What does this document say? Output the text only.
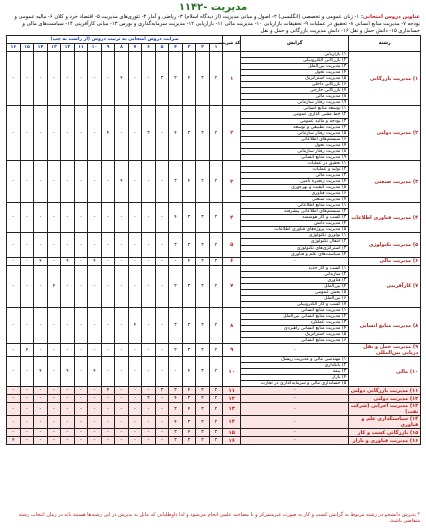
۱۱۴۲- مدیریت
عناوین دروس امتحانی: ۱- زبان عمومی و تخصصی (انگلیسی) ۲- اصول و مبانی مدیریت (از دیدگاه اسلام) ۳- ریاضی و آمار ۴- تئوری‌های مدیریت ۵- اقتصاد خرد و کلان ۶- مالیه عمومی و بودجه ۷- مدیریت منابع انسانی ۸- تحقیق در عملیات ۹- تحقیقات بازاریابی ۱۰- مدیریت مالی ۱۱- بازاریابی ۱۲- مدیریت سرمایه‌گذاری و بورس ۱۳- مبانی کارآفرینی ۱۴- سیاست‌های مالی و حسابداری ۱۵- دانش حمل و نقل ۱۶- دانش مدیریت بازرگانی و حمل و نقل
رشته	گرایش	کد ضریب	ضرایب دروس امتحانی به ترتیب دروس (از راست به چپ)															
			۱	۲	۳	۴	۵	۶	۷	۸	۹	۱۰	۱۱	۱۲	۱۳	۱۴	۱۵	۱۶
۱) مدیریت بازرگانی	۱) بازاریابی	۱	۲	۳	۴	۳	۳	-	-	۴	-	-	-	-	-	-	-	-
	۲) بازرگانی الکترونیکی																	
	۳) مدیریت بین‌الملل																	
	۴) مدیریت تحول																	
	۵) مدیریت استراتژیک																	
	۶) بازرگانی داخلی																	
	۷) بازرگانی خارجی																	
	۸) مدیریت مالی																	
	۹) مدیریت رفتار سازمانی																	
۲) مدیریت دولتی	۱) توسعه منابع انسانی	۲	۲	۳	۳	۴	-	۳	-	-	۴	-	-	-	-	-	-	-
	۲) خط مشی گذاری عمومی																	
	۳) بودجه و مالیه عمومی																	
	۴) مدیریت تطبیقی و توسعه																	
	۵) مدیریت رفتار سازمانی																	
	۶) سیستم‌های اطلاعاتی																	
	۷) مدیریت تحول																	
	۸) مدیریت رفتار سازمانی																	
	۹) مدیریت منابع انسانی																	
۳) مدیریت صنعتی	۱) تحقیق در عملیات	۳	۲	۲	۴	۳	-	-	-	۴	-	-	-	-	-	-	-	-
	۲) تولید و عملیات																	
	۳) مدیریت مالی																	
	۴) مدیریت زنجیره تأمین																	
	۵) مدیریت کیفیت و بهره‌وری																	
	۶) مدیریت فناوری																	
	۷) مدیریت صنعتی																	
۴) مدیریت فناوری اطلاعات	۱) مدیریت منابع اطلاعاتی	۴	۲	۳	۳	۴	-	-	-	-	-	-	-	-	-	-	-	-
	۲) سیستم‌های اطلاعاتی پیشرفته																	
	۳) کسب و کار هوشمند																	
	۴) مدیریت دانش																	
	۵) مدیریت پروژه‌های فناوری اطلاعات																	
۵) مدیریت تکنولوژی	۱) نوآوری تکنولوژی	۵	۲	۳	۳	۳	-	-	-	-	-	-	-	-	-	-	-	-
	۲) انتقال تکنولوژی																	
	۳) استراتژی‌های تکنولوژی																	
	۴) سیاست‌های علم و فناوری																	
۶) مدیریت مالی	-	۶	۲	۳	۴	-	-	-	-	-	-	۴	-	۴	-	۴	-	-
۷) کارآفرینی	۱) کسب و کار جدید	۷	۲	۳	۳	۳	-	-	-	-	-	-	-	-	۴	-	-	-
	۲) سازمانی																	
	۳) فناوری																	
	۴) بین‌الملل																	
	۵) بخش عمومی																	
	۶) بین‌الملل																	
	۷) کسب و کار الکترونیکی																	
۸) مدیریت منابع انسانی	۱) مدیریت منابع انسانی	۸	۲	۳	۳	۳	-	-	۴	-	-	-	-	-	-	-	-	-
	۲) مدیریت منابع انسانی بین‌الملل																	
	۳) مدیریت عملکرد																	
	۴) مدیریت منابع انسانی راهبردی																	
	۵) مدیریت استراتژیک																	
	۶) مدیریت منابع انسانی																	
۹) مدیریت حمل و نقل دریایی بین‌المللی	-	۹	۲	۳	۳	۳	-	-	-	-	-	-	-	-	-	-	۴	-
۱۰) مالی	۱) مهندسی مالی و مدیریت ریسک	۱۰	۲	۳	۴	-	-	-	-	-	-	۴	-	۴	-	۴	-	-
	۲) بانکداری																	
	۳) بیمه																	
	۴) بازار																	
	۵) حسابداری مالی و سرمایه‌گذاری در تجارت																	
۱۱) مدیریت بازرگانی دولتی	-	۱۱	۲	۳	۴	۳	۳	-	-	-	۴	-	-	-	-	-	-	-
۱۲) مدیریت دولتی	-	۱۲	۲	۳	۳	۴	-	۳	-	-	-	-	-	-	-	-	-	-
۱۳) مدیریت اجرایی (شرکت نفت)	-	۱۳	۲	۳	۴	۳	-	-	-	-	-	-	-	-	-	-	-	-
۱۴) سیاستگذاری علم و فناوری	-	۱۴	۲	۳	۳	۴	-	-	-	-	-	-	-	-	-	-	-	-
۱۵) بازرگانی کسب و کار	-	۱۵	۲	۳	۴	۳	-	-	-	-	-	-	-	-	-	-	-	-
۱۶) مدیریت فناوری و بازار	-	۱۶	۲	۳	۳	۳	-	-	-	-	-	-	-	-	-	-	-	۴
* پذیرش دانشجو در رشته مربوط به گرایش کسب و کار به صورت غیرمتمرکز و با مصاحبه علمی انجام می‌شود و لذا داوطلبانی که مایل به پذیرش در این رشته‌ها هستند باید در زمان انتخاب رشته متقاضی باشند.
